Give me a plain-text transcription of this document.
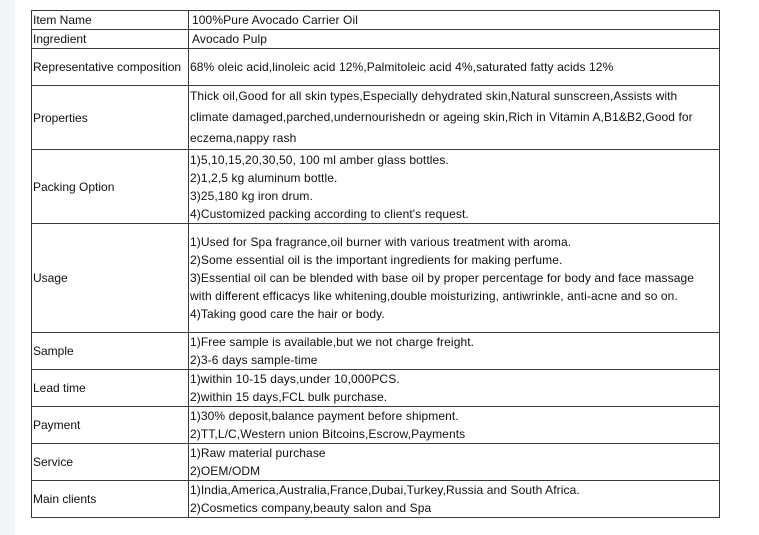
Item Name	100%Pure Avocado Carrier Oil

Ingredient	Avocado Pulp

Representative composition	68% oleic acid,linoleic acid 12%,Palmitoleic acid 4%,saturated fatty acids 12%

Properties	Thick oil,Good for all skin types,Especially dehydrated skin,Natural sunscreen,Assists with climate damaged,parched,undernourishedn or ageing skin,Rich in Vitamin A,B1&B2,Good for eczema,nappy rash

Packing Option	1)5,10,15,20,30,50, 100 ml amber glass bottles.
2)1,2,5 kg aluminum bottle.
3)25,180 kg iron drum.
4)Customized packing according to client's request.

Usage	1)Used for Spa fragrance,oil burner with various treatment with aroma.
2)Some essential oil is the important ingredients for making perfume.
3)Essential oil can be blended with base oil by proper percentage for body and face massage with different efficacys like whitening,double moisturizing, antiwrinkle, anti-acne and so on.
4)Taking good care the hair or body.

Sample	1)Free sample is available,but we not charge freight.
2)3-6 days sample-time

Lead time	1)within 10-15 days,under 10,000PCS.
2)within 15 days,FCL bulk purchase.

Payment	1)30% deposit,balance payment before shipment.
2)TT,L/C,Western union Bitcoins,Escrow,Payments

Service	1)Raw material purchase
2)OEM/ODM

Main clients	1)India,America,Australia,France,Dubai,Turkey,Russia and South Africa.
2)Cosmetics company,beauty salon and Spa
